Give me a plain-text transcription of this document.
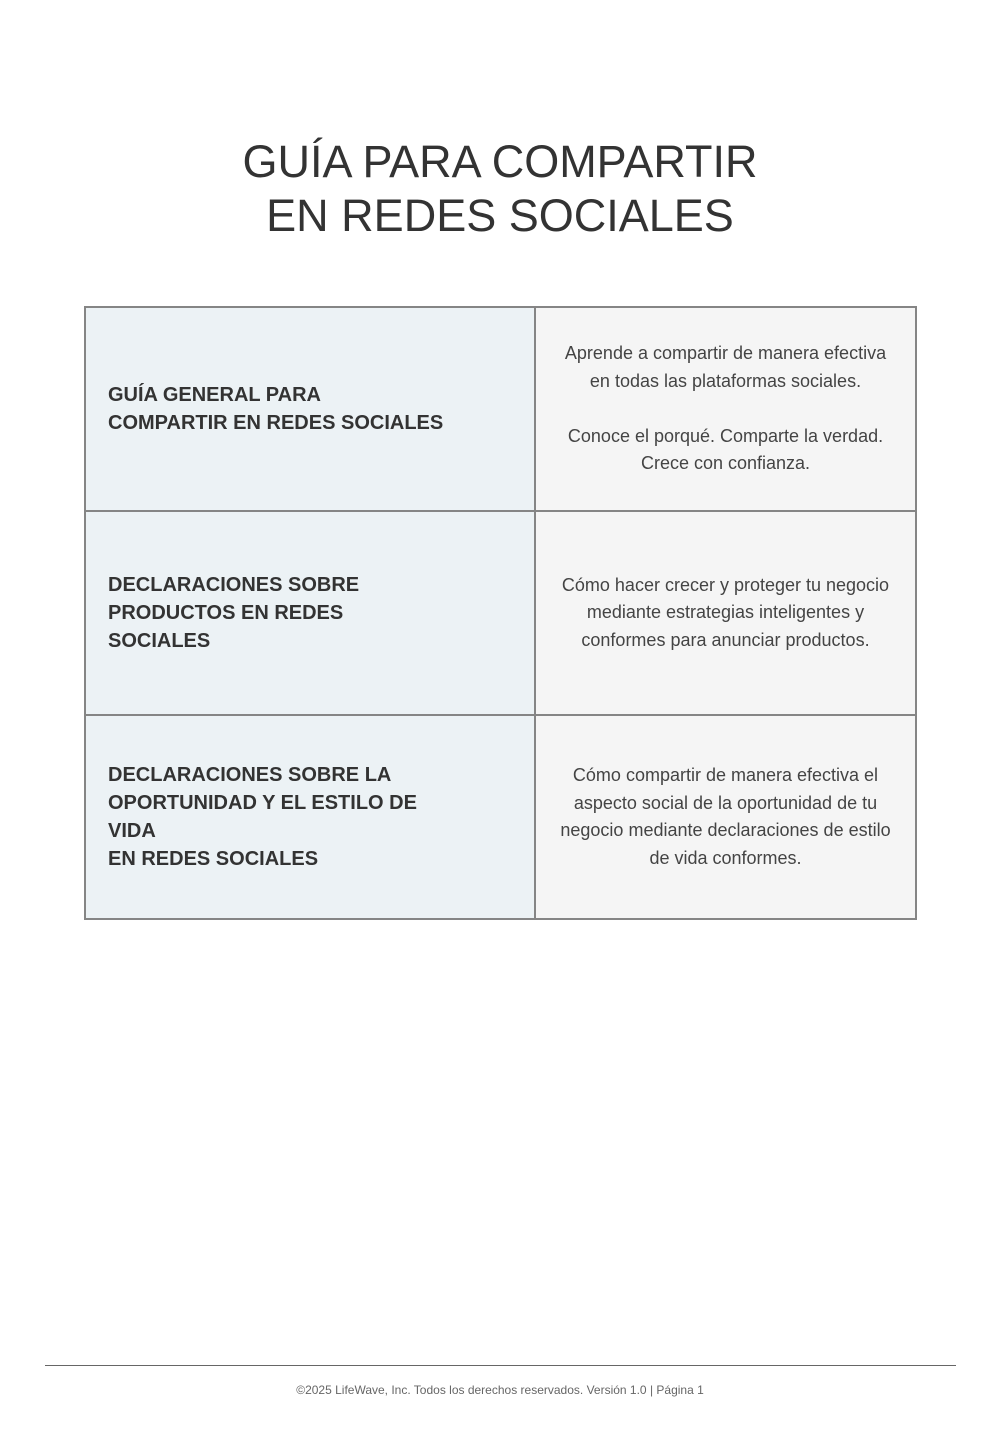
GUÍA PARA COMPARTIR
EN REDES SOCIALES
GUÍA GENERAL PARA
COMPARTIR EN REDES SOCIALES	Aprende a compartir de manera efectiva
en todas las plataformas sociales.
Conoce el porqué. Comparte la verdad.
Crece con confianza.

DECLARACIONES SOBRE
PRODUCTOS EN REDES
SOCIALES	Cómo hacer crecer y proteger tu negocio
mediante estrategias inteligentes y
conformes para anunciar productos.

DECLARACIONES SOBRE LA
OPORTUNIDAD Y EL ESTILO DE
VIDA
EN REDES SOCIALES	Cómo compartir de manera efectiva el
aspecto social de la oportunidad de tu
negocio mediante declaraciones de estilo
de vida conformes.
©2025 LifeWave, Inc. Todos los derechos reservados. Versión 1.0 | Página 1
